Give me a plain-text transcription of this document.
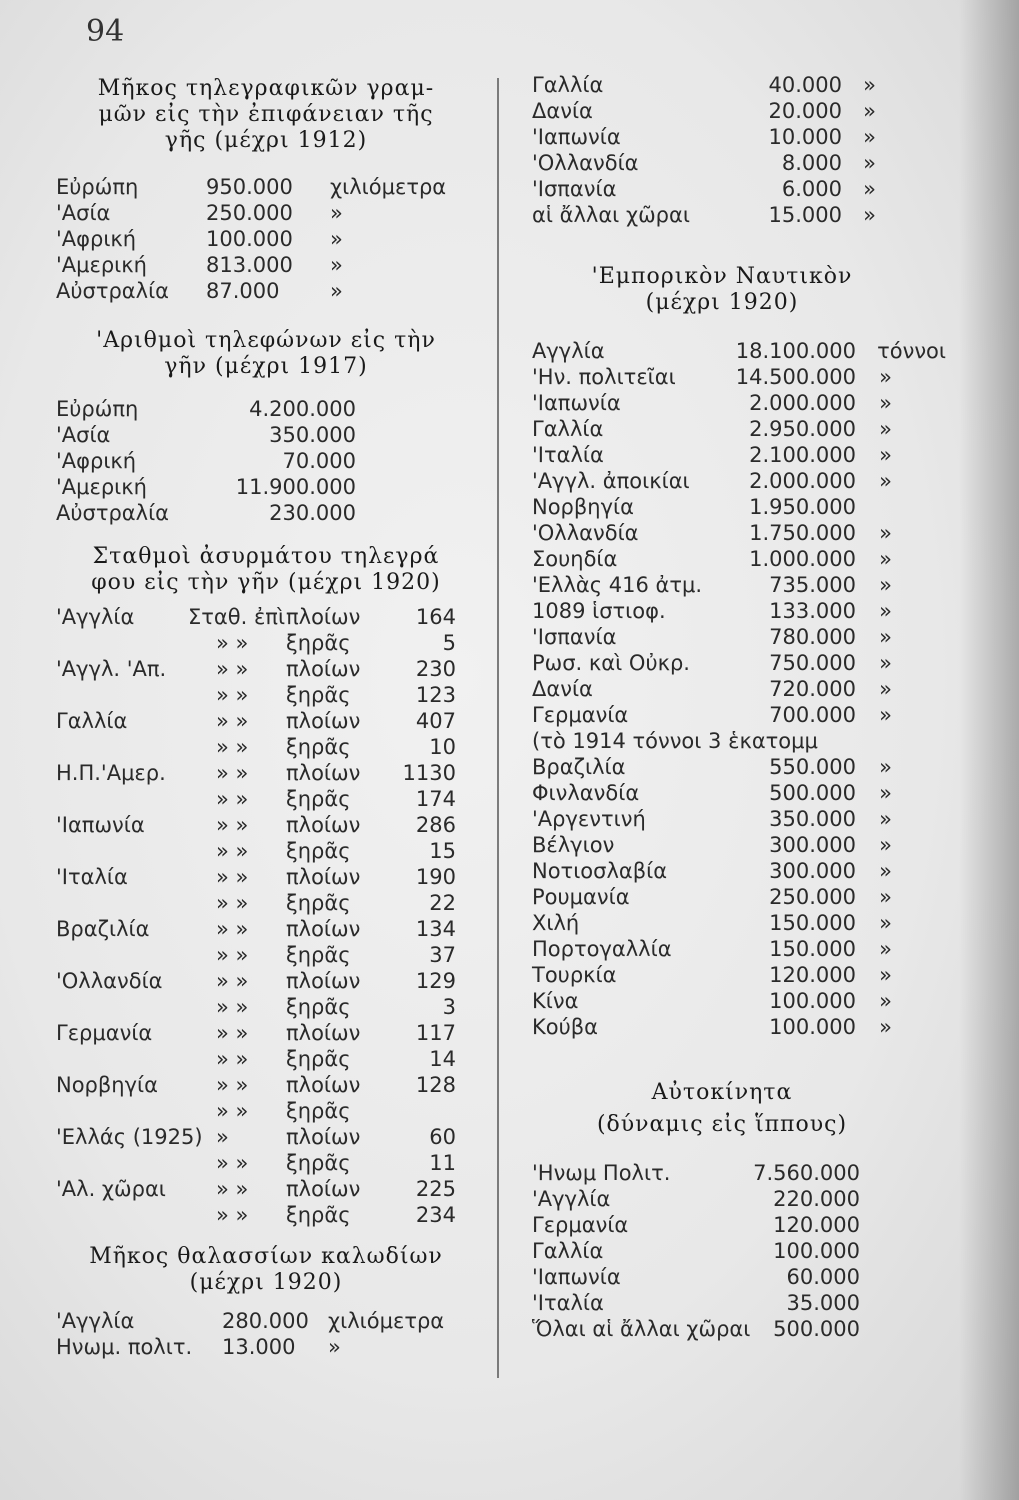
94
Μῆκος τηλεγραφικῶν γραμ-
μῶν εἰς τὴν ἐπιφάνειαν τῆς
γῆς (μέχρι 1912)
Εὐρώπη	950.000 χιλιόμετρα
'Ασία	250.000 »
'Αφρική	100.000 »
'Αμερική	813.000 »
Αὐστραλία 87.000 »
'Αριθμοὶ τηλεφώνων εἰς τὴν
γῆν (μέχρι 1917)
Εὐρώπη	4.200.000
'Ασία	350.000
'Αφρική	70.000
'Αμερική	11.900.000
Αὐστραλία	230.000
Σταθμοὶ ἀσυρμάτου τηλεγρά
φου εἰς τὴν γῆν (μέχρι 1920)
'Αγγλία	Σταθ. ἐπὶ πλοίων	164
» » ξηρᾶς	5
'Αγγλ. 'Απ. » » πλοίων	230
» » ξηρᾶς	123
Γαλλία	» » πλοίων	407
» » ξηρᾶς	10
Η.Π.'Αμερ. » » πλοίων 1130
» » ξηρᾶς	174
'Ιαπωνία	» » πλοίων	286
» » ξηρᾶς	15
'Ιταλία	» » πλοίων	190
» » ξηρᾶς	22
Βραζιλία	» » πλοίων	134
» » ξηρᾶς	37
'Ολλανδία	» » πλοίων	129
» » ξηρᾶς	3
Γερμανία	» » πλοίων	117
» » ξηρᾶς	14
Νορβηγία	» » πλοίων	128
» » ξηρᾶς
'Ελλάς (1925) »	πλοίων	60
» » ξηρᾶς	11
'Αλ. χῶραι » » πλοίων	225
» » ξηρᾶς	234
Μῆκος θαλασσίων καλωδίων
(μέχρι 1920)
'Αγγλία	280.000 χιλιόμετρα
Ηνωμ. πολιτ. 13.000 »
Γαλλία	40.000 »
Δανία	20.000 »
'Ιαπωνία	10.000 »
'Ολλανδία	8.000 »
'Ισπανία	6.000 »
αἱ ἄλλαι χῶραι	15.000 »
'Εμπορικὸν Ναυτικὸν
(μέχρι 1920)
Αγγλία	18.100.000 τόννοι
'Ην. πολιτεῖαι	14.500.000 »
'Ιαπωνία	2.000.000 »
Γαλλία	2.950.000 »
'Ιταλία	2.100.000 »
'Αγγλ. ἀποικίαι	2.000.000 »
Νορβηγία	1.950.000
'Ολλανδία	1.750.000 »
Σουηδία	1.000.000 »
'Ελλὰς 416 ἀτμ.	735.000 »
1089 ἱστιοφ.	133.000 »
'Ισπανία	780.000 »
Ρωσ. καὶ Οὐκρ.	750.000 »
Δανία	720.000 »
Γερμανία	700.000 »
(τὸ 1914 τόννοι 3 ἑκατομμ
Βραζιλία	550.000 »
Φινλανδία	500.000 »
'Αργεντινή	350.000 »
Βέλγιον	300.000 »
Νοτιοσλαβία	300.000 »
Ρουμανία	250.000 »
Χιλή	150.000 »
Πορτογαλλία	150.000 »
Τουρκία	120.000 »
Κίνα	100.000 »
Κούβα	100.000 »
Αὐτοκίνητα
(δύναμις εἰς ἵππους)
'Ηνωμ Πολιτ.	7.560.000
'Αγγλία	220.000
Γερμανία	120.000
Γαλλία	100.000
'Ιαπωνία	60.000
'Ιταλία	35.000
Ὅλαι αἱ ἄλλαι χῶραι 500.000
